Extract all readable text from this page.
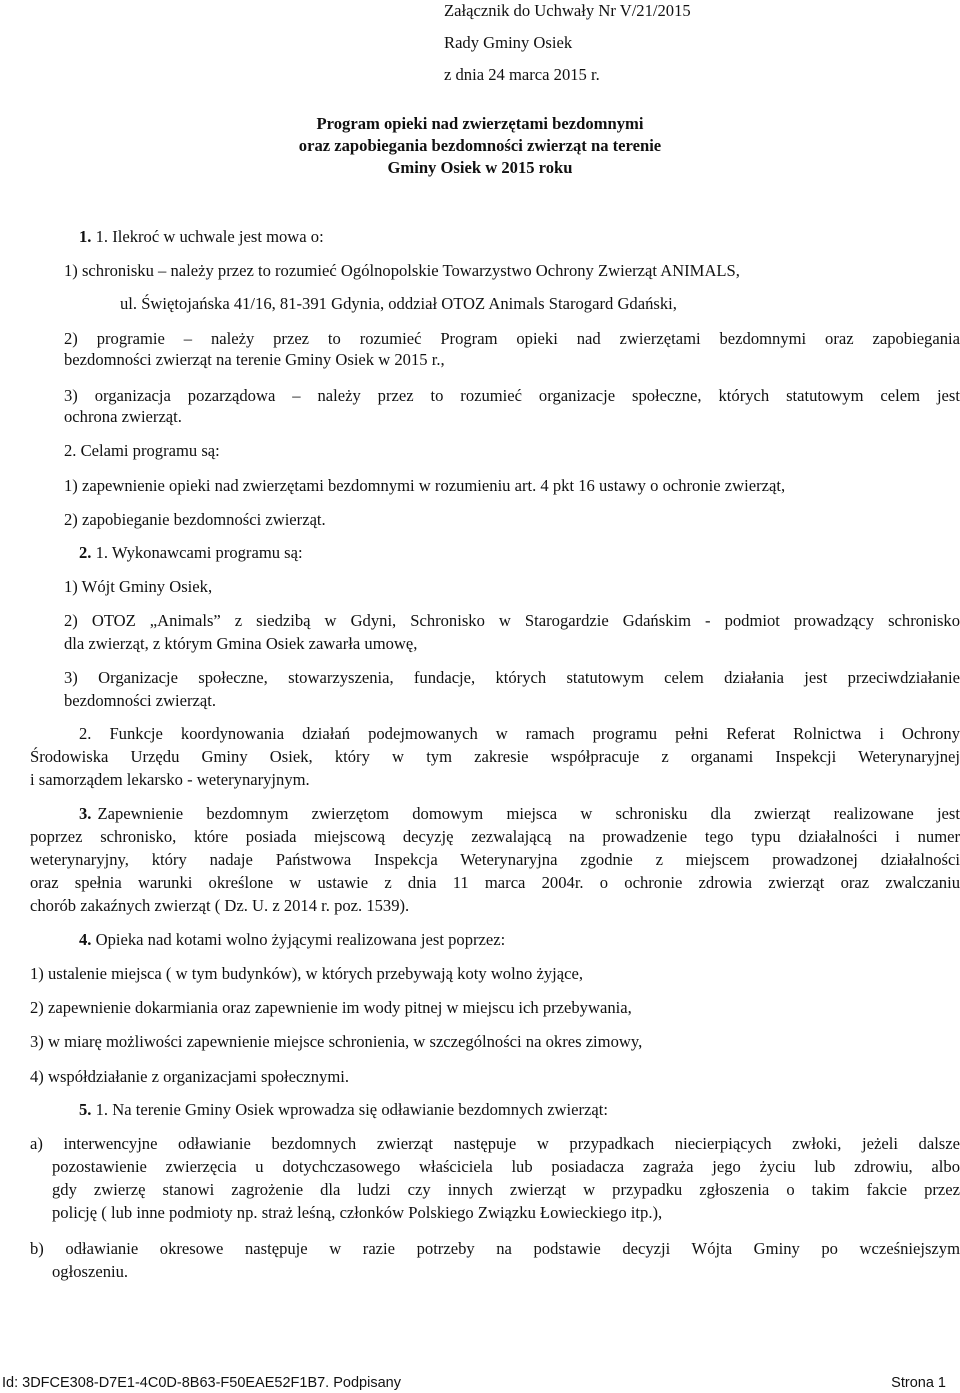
Załącznik do Uchwały Nr V/21/2015
Rady Gminy Osiek
z dnia 24 marca 2015 r.
Program opieki nad zwierzętami bezdomnymi
oraz zapobiegania bezdomności zwierząt na terenie
Gminy Osiek w 2015 roku
1. 1. Ilekroć w uchwale jest mowa o:
1) schronisku – należy przez to rozumieć Ogólnopolskie Towarzystwo Ochrony Zwierząt ANIMALS,
ul. Świętojańska 41/16, 81-391 Gdynia, oddział OTOZ Animals Starogard Gdański,
2) programie – należy przez to rozumieć Program opieki nad zwierzętami bezdomnymi oraz zapobiegania
bezdomności zwierząt na terenie Gminy Osiek w 2015 r.,
3) organizacja pozarządowa – należy przez to rozumieć organizacje społeczne, których statutowym celem jest
ochrona zwierząt.
2. Celami programu są:
1) zapewnienie opieki nad zwierzętami bezdomnymi w rozumieniu art. 4 pkt 16 ustawy o ochronie zwierząt,
2) zapobieganie bezdomności zwierząt.
2. 1. Wykonawcami programu są:
1) Wójt Gminy Osiek,
2) OTOZ „Animals” z siedzibą w Gdyni, Schronisko w Starogardzie Gdańskim - podmiot prowadzący schronisko
dla zwierząt, z którym Gmina Osiek zawarła umowę,
3) Organizacje społeczne, stowarzyszenia, fundacje, których statutowym celem działania jest przeciwdziałanie
bezdomności zwierząt.
2. Funkcje koordynowania działań podejmowanych w ramach programu pełni Referat Rolnictwa i Ochrony
Środowiska Urzędu Gminy Osiek, który w tym zakresie współpracuje z organami Inspekcji Weterynaryjnej
i samorządem lekarsko - weterynaryjnym.
3. Zapewnienie bezdomnym zwierzętom domowym miejsca w schronisku dla zwierząt realizowane jest
poprzez schronisko, które posiada miejscową decyzję zezwalającą na prowadzenie tego typu działalności i numer
weterynaryjny, który nadaje Państwowa Inspekcja Weterynaryjna zgodnie z miejscem prowadzonej działalności
oraz spełnia warunki określone w ustawie z dnia 11 marca 2004r. o ochronie zdrowia zwierząt oraz zwalczaniu
chorób zakaźnych zwierząt ( Dz. U. z 2014 r. poz. 1539).
4. Opieka nad kotami wolno żyjącymi realizowana jest poprzez:
1) ustalenie miejsca ( w tym budynków), w których przebywają koty wolno żyjące,
2) zapewnienie dokarmiania oraz zapewnienie im wody pitnej w miejscu ich przebywania,
3) w miarę możliwości zapewnienie miejsce schronienia, w szczególności na okres zimowy,
4) współdziałanie z organizacjami społecznymi.
5. 1. Na terenie Gminy Osiek wprowadza się odławianie bezdomnych zwierząt:
a) interwencyjne odławianie bezdomnych zwierząt następuje w przypadkach niecierpiących zwłoki, jeżeli dalsze
pozostawienie zwierzęcia u dotychczasowego właściciela lub posiadacza zagraża jego życiu lub zdrowiu, albo
gdy zwierzę stanowi zagrożenie dla ludzi czy innych zwierząt w przypadku zgłoszenia o takim fakcie przez
policję ( lub inne podmioty np. straż leśną, członków Polskiego Związku Łowieckiego itp.),
b) odławianie okresowe następuje w razie potrzeby na podstawie decyzji Wójta Gminy po wcześniejszym
ogłoszeniu.
Id: 3DFCE308-D7E1-4C0D-8B63-F50EAE52F1B7. Podpisany	Strona 1
